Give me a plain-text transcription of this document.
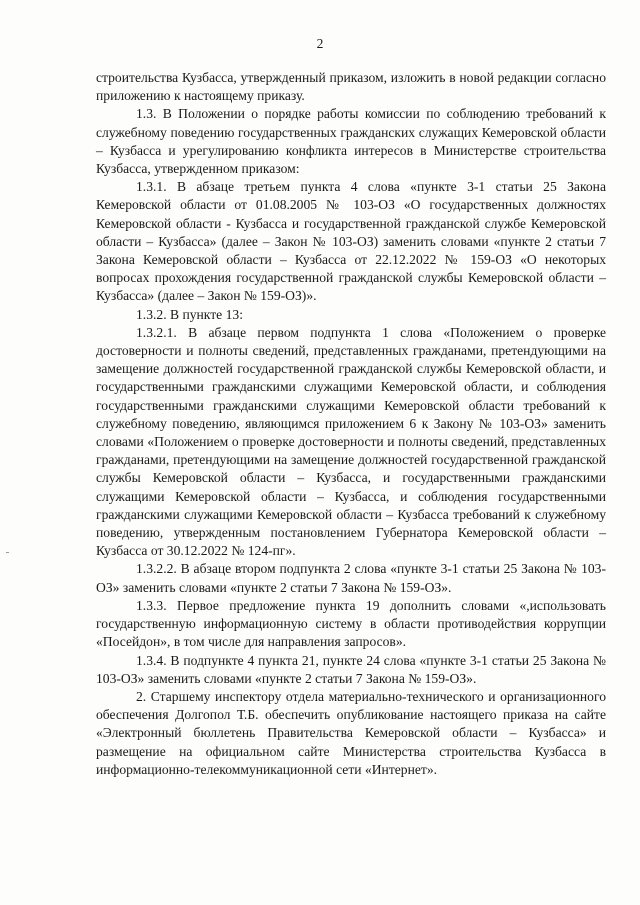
2

строительства Кузбасса, утвержденный приказом, изложить в новой редакции согласно приложению к настоящему приказу.

1.3. В Положении о порядке работы комиссии по соблюдению требований к служебному поведению государственных гражданских служащих Кемеровской области – Кузбасса и урегулированию конфликта интересов в Министерстве строительства Кузбасса, утвержденном приказом:

1.3.1. В абзаце третьем пункта 4 слова «пункте 3-1 статьи 25 Закона Кемеровской области от 01.08.2005 № 103-ОЗ «О государственных должностях Кемеровской области - Кузбасса и государственной гражданской службе Кемеровской области – Кузбасса» (далее – Закон № 103-ОЗ) заменить словами «пункте 2 статьи 7 Закона Кемеровской области – Кузбасса от 22.12.2022 № 159-ОЗ «О некоторых вопросах прохождения государственной гражданской службы Кемеровской области – Кузбасса» (далее – Закон № 159-ОЗ)».

1.3.2. В пункте 13:

1.3.2.1. В абзаце первом подпункта 1 слова «Положением о проверке достоверности и полноты сведений, представленных гражданами, претендующими на замещение должностей государственной гражданской службы Кемеровской области, и государственными гражданскими служащими Кемеровской области, и соблюдения государственными гражданскими служащими Кемеровской области требований к служебному поведению, являющимся приложением 6 к Закону № 103-ОЗ» заменить словами «Положением о проверке достоверности и полноты сведений, представленных гражданами, претендующими на замещение должностей государственной гражданской службы Кемеровской области – Кузбасса, и государственными гражданскими служащими Кемеровской области – Кузбасса, и соблюдения государственными гражданскими служащими Кемеровской области – Кузбасса требований к служебному поведению, утвержденным постановлением Губернатора Кемеровской области – Кузбасса от 30.12.2022 № 124-пг».

1.3.2.2. В абзаце втором подпункта 2 слова «пункте 3-1 статьи 25 Закона № 103-ОЗ» заменить словами «пункте 2 статьи 7 Закона № 159-ОЗ».

1.3.3. Первое предложение пункта 19 дополнить словами «,использовать государственную информационную систему в области противодействия коррупции «Посейдон», в том числе для направления запросов».

1.3.4. В подпункте 4 пункта 21, пункте 24 слова «пункте 3-1 статьи 25 Закона № 103-ОЗ» заменить словами «пункте 2 статьи 7 Закона № 159-ОЗ».

2. Старшему инспектору отдела материально-технического и организационного обеспечения Долгопол Т.Б. обеспечить опубликование настоящего приказа на сайте «Электронный бюллетень Правительства Кемеровской области – Кузбасса» и размещение на официальном сайте Министерства строительства Кузбасса в информационно-телекоммуникационной сети «Интернет».
